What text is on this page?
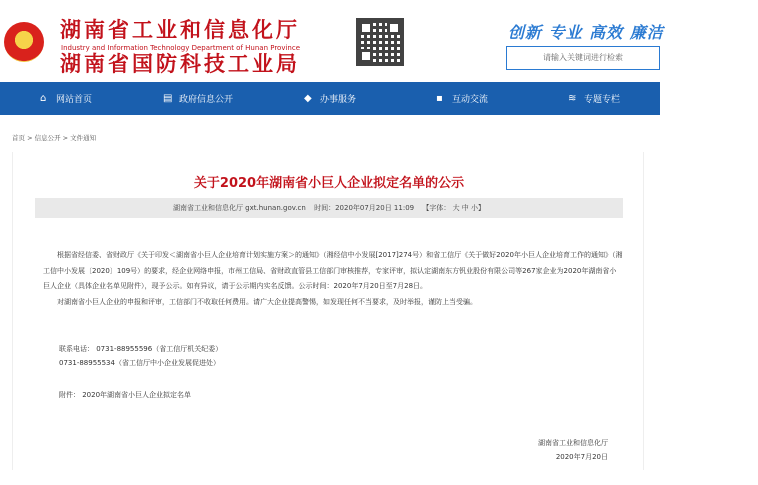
★ 湖南省工业和信息化厅
Industry and Information Technology Department of Hunan Province
湖南省国防科技工业局
创新 专业 高效 廉洁
请输入关键词进行检索
⌂	网站首页	▤ 政府信息公开	◆ 办事服务	▪	互动交流	≋ 专题专栏
首页 > 信息公开 > 文件通知
关于2020年湖南省小巨人企业拟定名单的公示
湖南省工业和信息化厅 gxt.hunan.gov.cn 时间：2020年07月20日 11:09 【字体： 大 中 小】

根据省经信委、省财政厅《关于印发＜湖南省小巨人企业培育计划实施方案＞的通知》（湘经信中小发展[2017]274号）和省工信厅《关于做好2020年小巨人企业培育工作的通知》（湘工信中小发展〔2020〕109号）的要求，经企业网络申报，市州工信局、省财政直管县工信部门审核推荐，专家评审，拟认定湖南东方钒业股份有限公司等267家企业为2020年湖南省小巨人企业（具体企业名单见附件），现予公示。如有异议，请于公示期内实名反馈。公示时间：2020年7月20日至7月28日。

对湖南省小巨人企业的申报和评审，工信部门不收取任何费用。请广大企业提高警惕，如发现任何不当要求，及时举报，谨防上当受骗。

联系电话： 0731-88955596（省工信厅机关纪委）
0731-88955534（省工信厅中小企业发展促进处）
附件： 2020年湖南省小巨人企业拟定名单
湖南省工业和信息化厅
2020年7月20日
